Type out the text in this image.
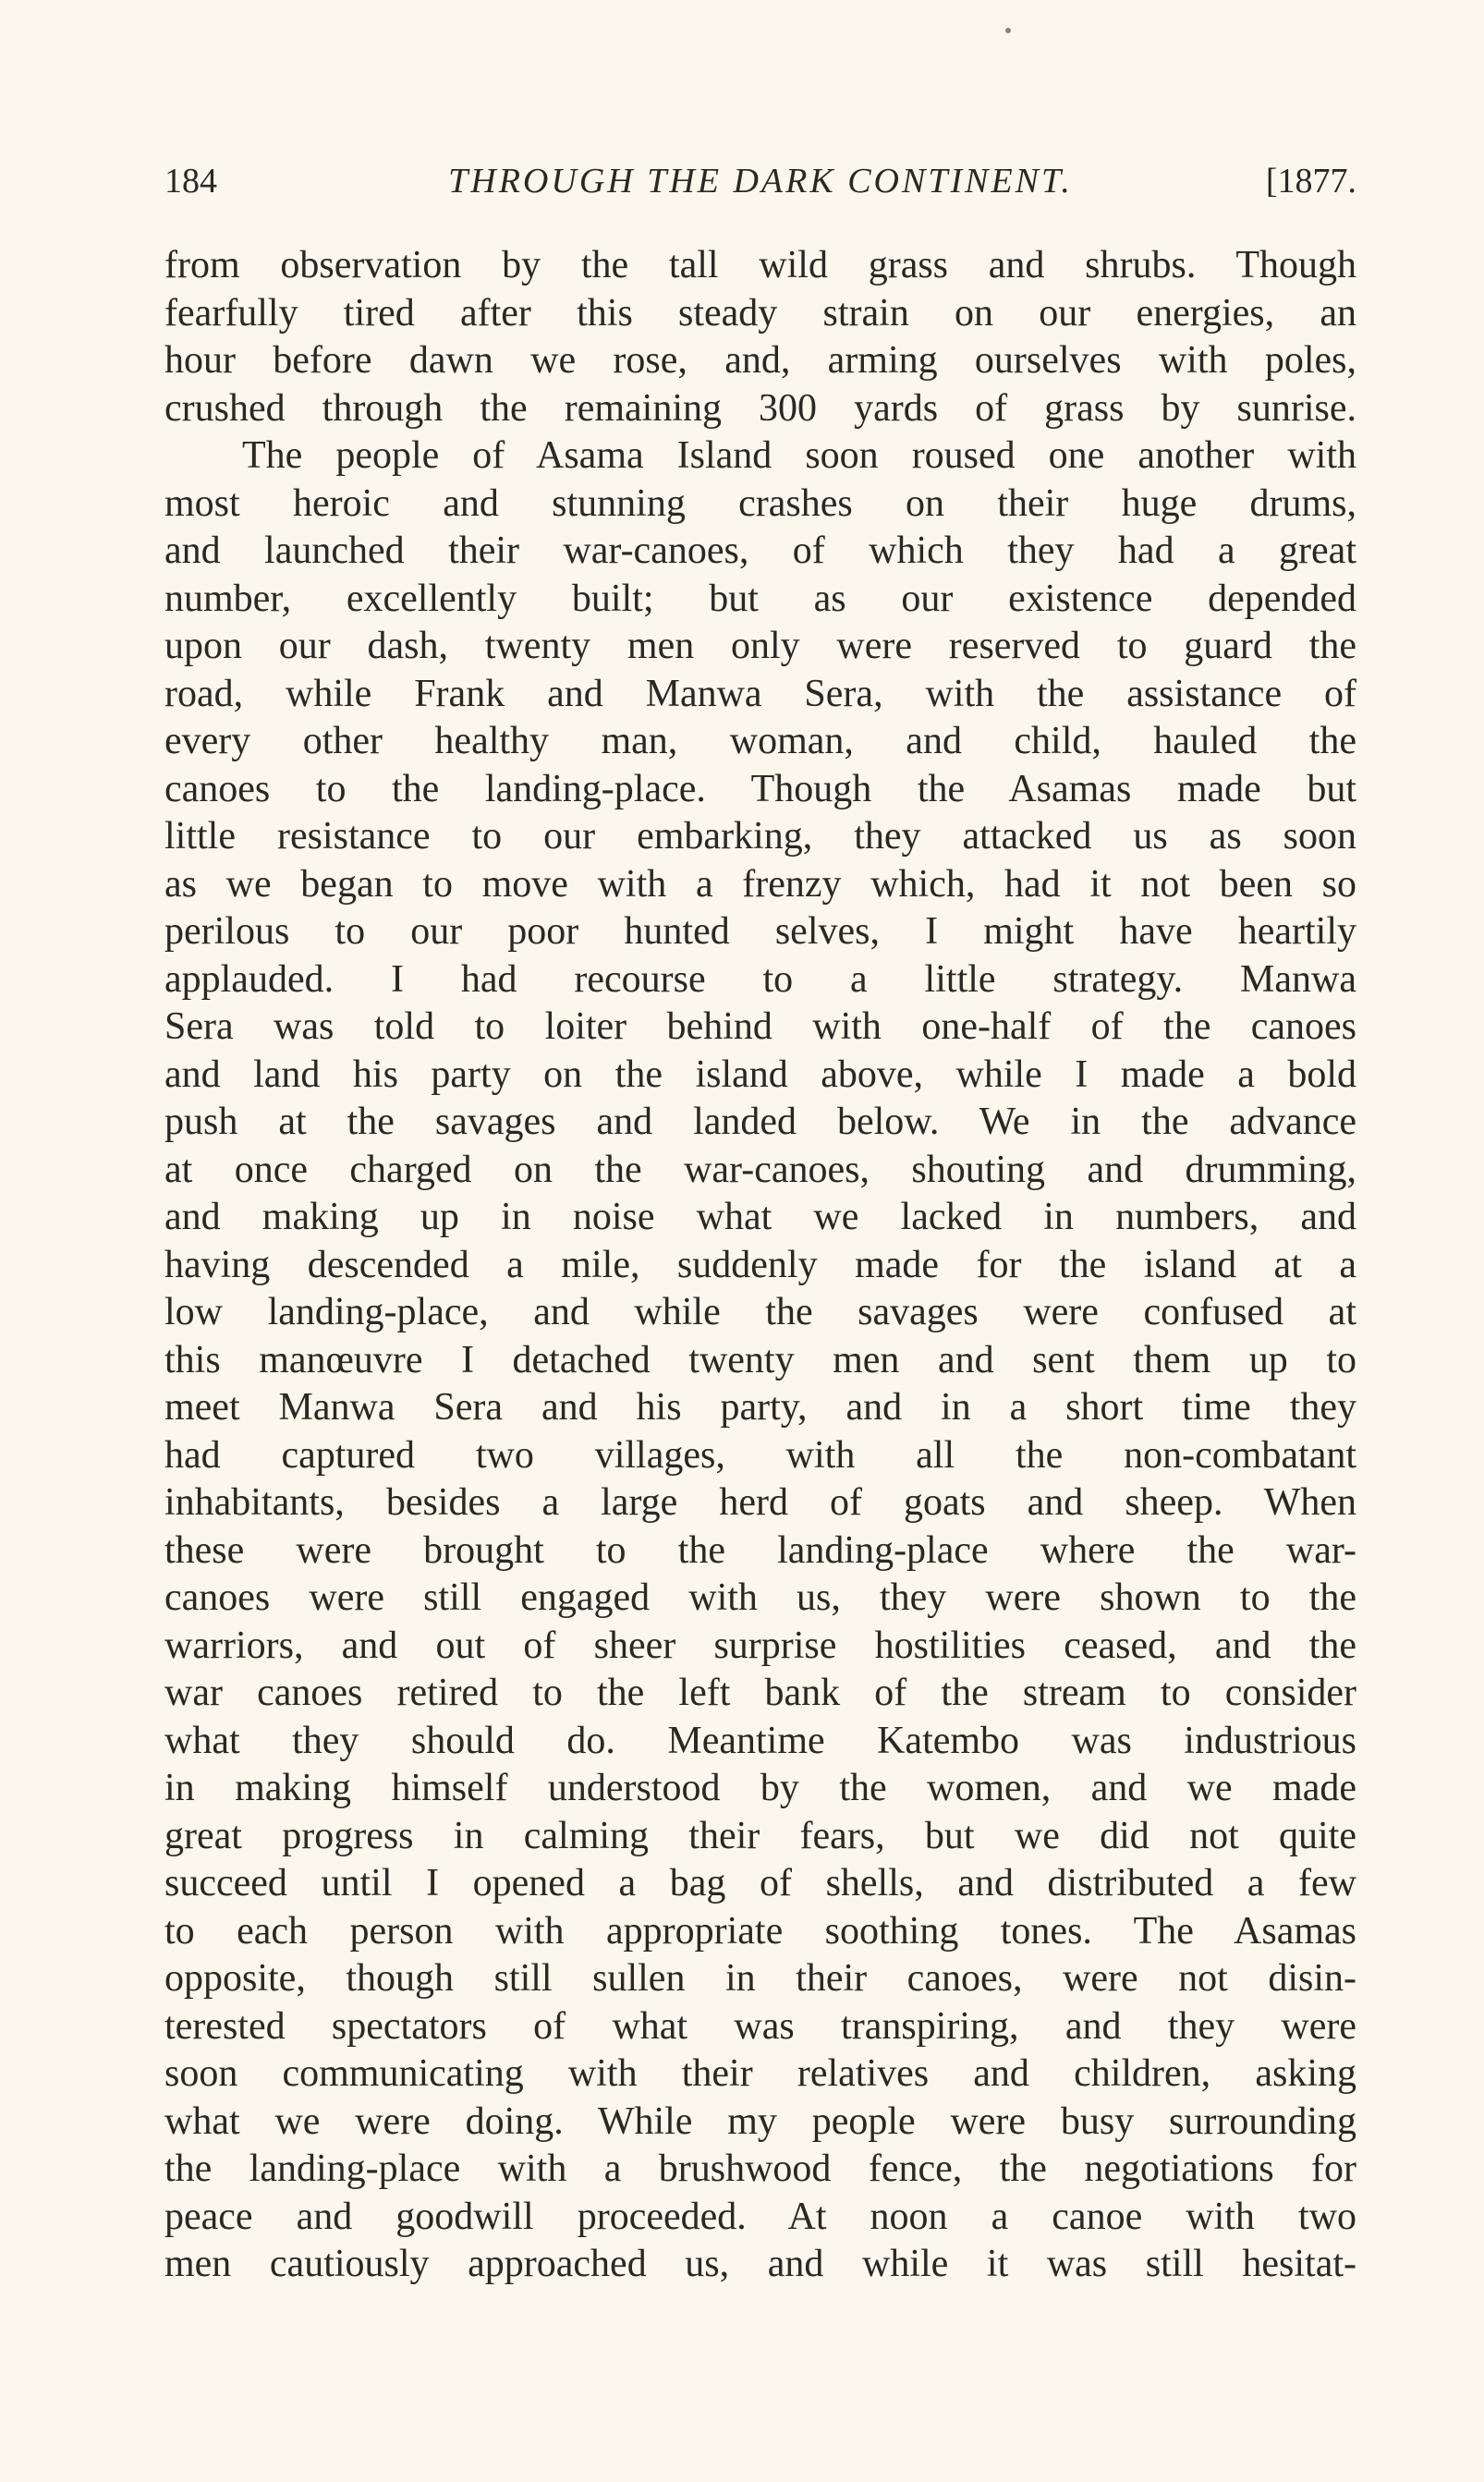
184	THROUGH THE DARK CONTINENT.	[1877.
from observation by the tall wild grass and shrubs. Though
fearfully tired after this steady strain on our energies, an
hour before dawn we rose, and, arming ourselves with poles,
crushed through the remaining 300 yards of grass by sunrise.
The people of Asama Island soon roused one another with
most heroic and stunning crashes on their huge drums,
and launched their war-canoes, of which they had a great
number, excellently built; but as our existence depended
upon our dash, twenty men only were reserved to guard the
road, while Frank and Manwa Sera, with the assistance of
every other healthy man, woman, and child, hauled the
canoes to the landing-place. Though the Asamas made but
little resistance to our embarking, they attacked us as soon
as we began to move with a frenzy which, had it not been so
perilous to our poor hunted selves, I might have heartily
applauded. I had recourse to a little strategy. Manwa
Sera was told to loiter behind with one-half of the canoes
and land his party on the island above, while I made a bold
push at the savages and landed below. We in the advance
at once charged on the war-canoes, shouting and drumming,
and making up in noise what we lacked in numbers, and
having descended a mile, suddenly made for the island at a
low landing-place, and while the savages were confused at
this manœuvre I detached twenty men and sent them up to
meet Manwa Sera and his party, and in a short time they
had captured two villages, with all the non-combatant
inhabitants, besides a large herd of goats and sheep. When
these were brought to the landing-place where the war-
canoes were still engaged with us, they were shown to the
warriors, and out of sheer surprise hostilities ceased, and the
war canoes retired to the left bank of the stream to consider
what they should do. Meantime Katembo was industrious
in making himself understood by the women, and we made
great progress in calming their fears, but we did not quite
succeed until I opened a bag of shells, and distributed a few
to each person with appropriate soothing tones. The Asamas
opposite, though still sullen in their canoes, were not disin-
terested spectators of what was transpiring, and they were
soon communicating with their relatives and children, asking
what we were doing. While my people were busy surrounding
the landing-place with a brushwood fence, the negotiations for
peace and goodwill proceeded. At noon a canoe with two
men cautiously approached us, and while it was still hesitat-
